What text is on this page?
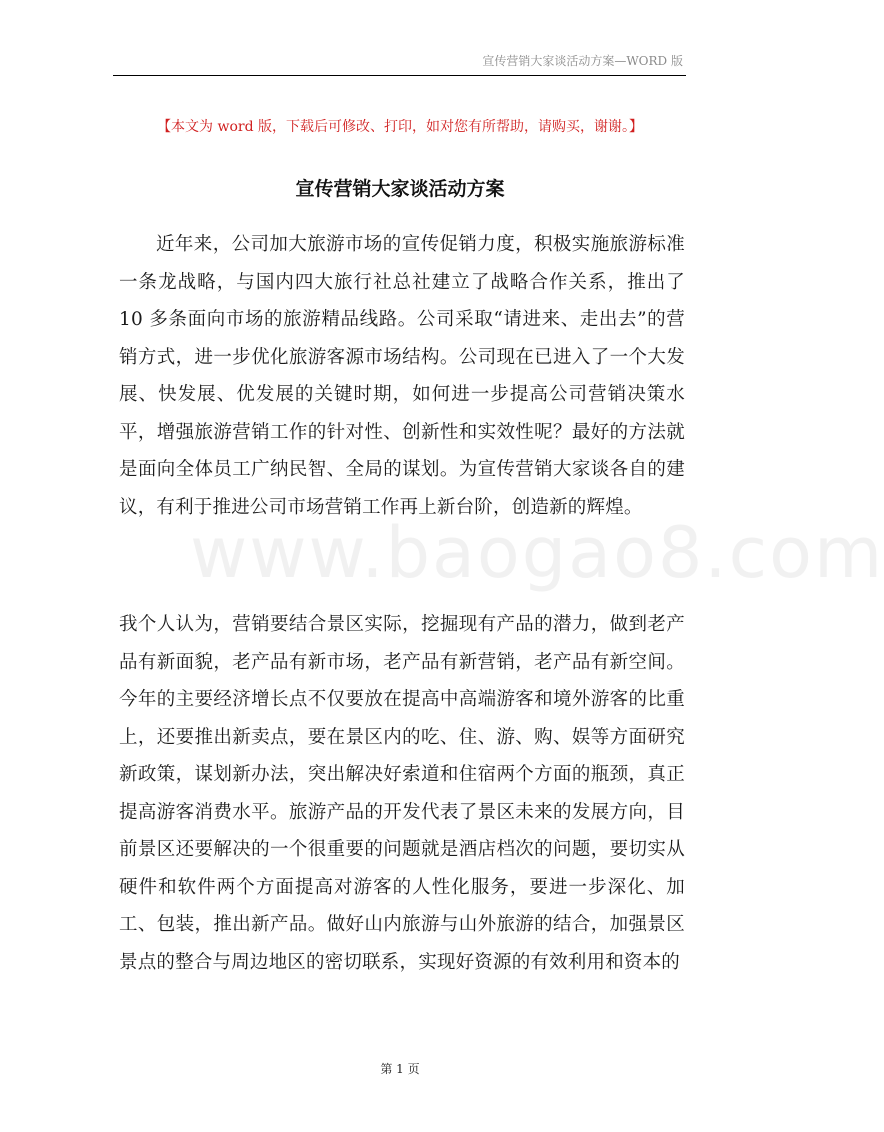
宣传营销大家谈活动方案—WORD 版
【本文为 word 版，下载后可修改、打印，如对您有所帮助，请购买，谢谢。】
宣传营销大家谈活动方案
www.baogao8.com

近年来，公司加大旅游市场的宣传促销力度，积极实施旅游标准一条龙战略，与国内四大旅行社总社建立了战略合作关系，推出了 10 多条面向市场的旅游精品线路。公司采取“请进来、走出去”的营销方式，进一步优化旅游客源市场结构。公司现在已进入了一个大发展、快发展、优发展的关键时期，如何进一步提高公司营销决策水平，增强旅游营销工作的针对性、创新性和实效性呢？最好的方法就是面向全体员工广纳民智、全局的谋划。为宣传营销大家谈各自的建议，有利于推进公司市场营销工作再上新台阶，创造新的辉煌。

我个人认为，营销要结合景区实际，挖掘现有产品的潜力，做到老产品有新面貌，老产品有新市场，老产品有新营销，老产品有新空间。今年的主要经济增长点不仅要放在提高中高端游客和境外游客的比重上，还要推出新卖点，要在景区内的吃、住、游、购、娱等方面研究新政策，谋划新办法，突出解决好索道和住宿两个方面的瓶颈，真正提高游客消费水平。旅游产品的开发代表了景区未来的发展方向，目前景区还要解决的一个很重要的问题就是酒店档次的问题，要切实从硬件和软件两个方面提高对游客的人性化服务，要进一步深化、加工、包装，推出新产品。做好山内旅游与山外旅游的结合，加强景区景点的整合与周边地区的密切联系，实现好资源的有效利用和资本的

第 1 页
